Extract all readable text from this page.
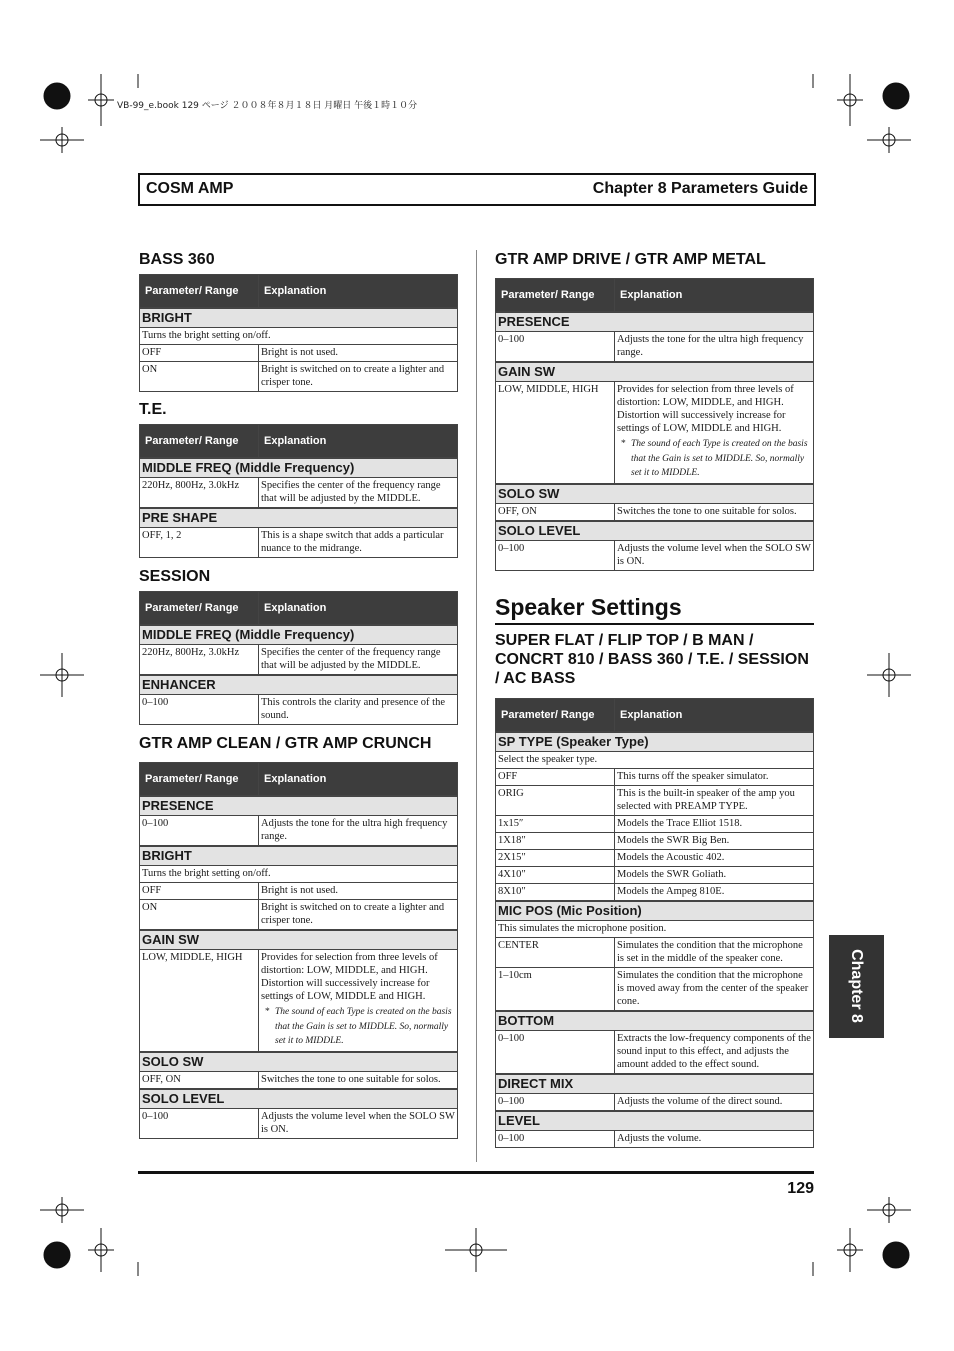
VB-99_e.book 129 ページ ２００８年８月１８日 月曜日 午後１時１０分
COSM AMP	Chapter 8 Parameters Guide
BASS 360
Parameter/ Range	Explanation
BRIGHT	
Turns the bright setting on/off.	
OFF	Bright is not used.
ON	Bright is switched on to create a lighter and crisper tone.
T.E.
Parameter/ Range	Explanation
MIDDLE FREQ (Middle Frequency)	
220Hz, 800Hz, 3.0kHz	Specifies the center of the frequency range that will be adjusted by the MIDDLE.
PRE SHAPE	
OFF, 1, 2	This is a shape switch that adds a particular nuance to the midrange.
SESSION
Parameter/ Range	Explanation
MIDDLE FREQ (Middle Frequency)	
220Hz, 800Hz, 3.0kHz	Specifies the center of the frequency range that will be adjusted by the MIDDLE.
ENHANCER	
0–100	This controls the clarity and presence of the sound.
GTR AMP CLEAN / GTR AMP CRUNCH
Parameter/ Range	Explanation
PRESENCE	
0–100	Adjusts the tone for the ultra high frequency range.
BRIGHT	
Turns the bright setting on/off.	
OFF	Bright is not used.
ON	Bright is switched on to create a lighter and crisper tone.
GAIN SW	
LOW, MIDDLE, HIGH	Provides for selection from three levels of distortion: LOW, MIDDLE, and HIGH. Distortion will successively increase for settings of LOW, MIDDLE and HIGH.
* The sound of each Type is created on the basis that the Gain is set to MIDDLE. So, normally set it to MIDDLE.

SOLO SW	
OFF, ON	Switches the tone to one suitable for solos.
SOLO LEVEL	
0–100	Adjusts the volume level when the SOLO SW is ON.
GTR AMP DRIVE / GTR AMP METAL
Parameter/ Range	Explanation
PRESENCE	
0–100	Adjusts the tone for the ultra high frequency range.
GAIN SW	
LOW, MIDDLE, HIGH	Provides for selection from three levels of distortion: LOW, MIDDLE, and HIGH. Distortion will successively increase for settings of LOW, MIDDLE and HIGH.
* The sound of each Type is created on the basis that the Gain is set to MIDDLE. So, normally set it to MIDDLE.

SOLO SW	
OFF, ON	Switches the tone to one suitable for solos.
SOLO LEVEL	
0–100	Adjusts the volume level when the SOLO SW is ON.
Speaker Settings
SUPER FLAT / FLIP TOP / B MAN / CONCRT 810 / BASS 360 / T.E. / SESSION / AC BASS
Parameter/ Range	Explanation
SP TYPE (Speaker Type)	
Select the speaker type.	
OFF	This turns off the speaker simulator.
ORIG	This is the built-in speaker of the amp you selected with PREAMP TYPE.
1x15″	Models the Trace Elliot 1518.
1X18″	Models the SWR Big Ben.
2X15″	Models the Acoustic 402.
4X10″	Models the SWR Goliath.
8X10″	Models the Ampeg 810E.
MIC POS (Mic Position)	
This simulates the microphone position.	
CENTER	Simulates the condition that the microphone is set in the middle of the speaker cone.
1–10cm	Simulates the condition that the microphone is moved away from the center of the speaker cone.
BOTTOM	
0–100	Extracts the low-frequency components of the sound input to this effect, and adjusts the amount added to the effect sound.
DIRECT MIX	
0–100	Adjusts the volume of the direct sound.
LEVEL	
0–100	Adjusts the volume.
Chapter 8
129
